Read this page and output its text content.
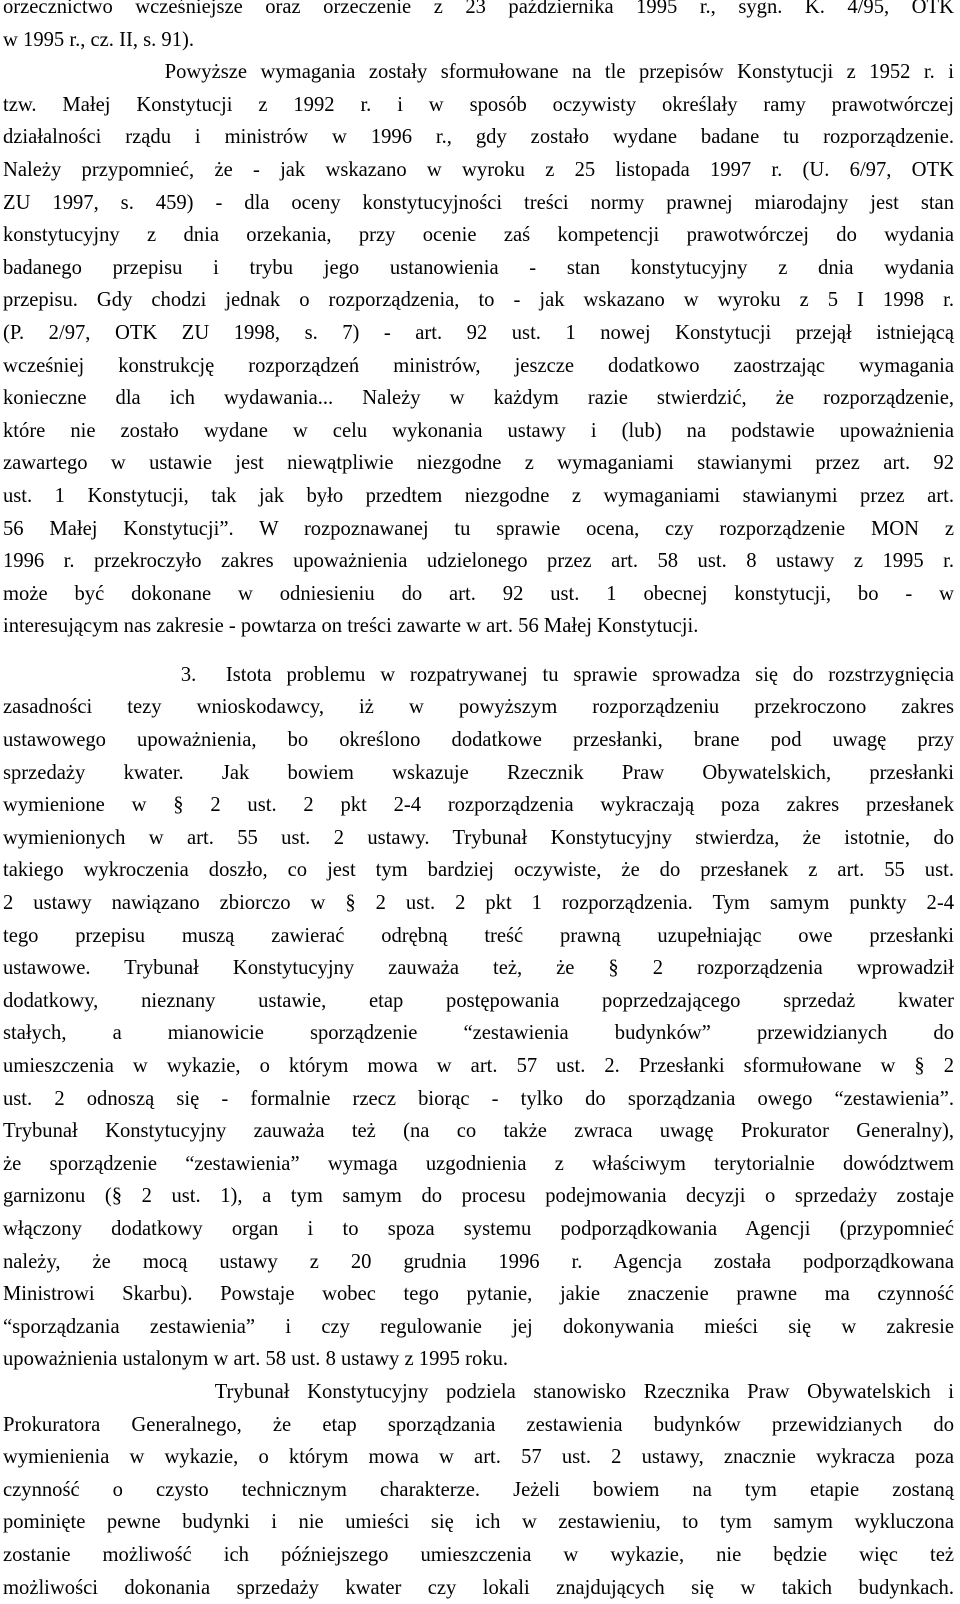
orzecznictwo wcześniejsze oraz orzeczenie z 23 października 1995 r., sygn. K. 4/95, OTK
w 1995 r., cz. II, s. 91).
Powyższe wymagania zostały sformułowane na tle przepisów Konstytucji z 1952 r. i
tzw. Małej Konstytucji z 1992 r. i w sposób oczywisty określały ramy prawotwórczej
działalności rządu i ministrów w 1996 r., gdy zostało wydane badane tu rozporządzenie.
Należy przypomnieć, że - jak wskazano w wyroku z 25 listopada 1997 r. (U. 6/97, OTK
ZU 1997, s. 459) - dla oceny konstytucyjności treści normy prawnej miarodajny jest stan
konstytucyjny z dnia orzekania, przy ocenie zaś kompetencji prawotwórczej do wydania
badanego przepisu i trybu jego ustanowienia - stan konstytucyjny z dnia wydania
przepisu. Gdy chodzi jednak o rozporządzenia, to - jak wskazano w wyroku z 5 I 1998 r.
(P. 2/97, OTK ZU 1998, s. 7) - art. 92 ust. 1 nowej Konstytucji przejął istniejącą
wcześniej konstrukcję rozporządzeń ministrów, jeszcze dodatkowo zaostrzając wymagania
konieczne dla ich wydawania... Należy w każdym razie stwierdzić, że rozporządzenie,
które nie zostało wydane w celu wykonania ustawy i (lub) na podstawie upoważnienia
zawartego w ustawie jest niewątpliwie niezgodne z wymaganiami stawianymi przez art. 92
ust. 1 Konstytucji, tak jak było przedtem niezgodne z wymaganiami stawianymi przez art.
56 Małej Konstytucji”. W rozpoznawanej tu sprawie ocena, czy rozporządzenie MON z
1996 r. przekroczyło zakres upoważnienia udzielonego przez art. 58 ust. 8 ustawy z 1995 r.
może być dokonane w odniesieniu do art. 92 ust. 1 obecnej konstytucji, bo - w
interesującym nas zakresie - powtarza on treści zawarte w art. 56 Małej Konstytucji.
3.  Istota problemu w rozpatrywanej tu sprawie sprowadza się do rozstrzygnięcia
zasadności tezy wnioskodawcy, iż w powyższym rozporządzeniu przekroczono zakres
ustawowego upoważnienia, bo określono dodatkowe przesłanki, brane pod uwagę przy
sprzedaży kwater. Jak bowiem wskazuje Rzecznik Praw Obywatelskich, przesłanki
wymienione w § 2 ust. 2 pkt 2-4 rozporządzenia wykraczają poza zakres przesłanek
wymienionych w art. 55 ust. 2 ustawy. Trybunał Konstytucyjny stwierdza, że istotnie, do
takiego wykroczenia doszło, co jest tym bardziej oczywiste, że do przesłanek z art. 55 ust.
2 ustawy nawiązano zbiorczo w § 2 ust. 2 pkt 1 rozporządzenia. Tym samym punkty 2-4
tego przepisu muszą zawierać odrębną treść prawną uzupełniając owe przesłanki
ustawowe. Trybunał Konstytucyjny zauważa też, że § 2 rozporządzenia wprowadził
dodatkowy, nieznany ustawie, etap postępowania poprzedzającego sprzedaż kwater
stałych, a mianowicie sporządzenie “zestawienia budynków” przewidzianych do
umieszczenia w wykazie, o którym mowa w art. 57 ust. 2. Przesłanki sformułowane w § 2
ust. 2 odnoszą się - formalnie rzecz biorąc - tylko do sporządzania owego “zestawienia”.
Trybunał Konstytucyjny zauważa też (na co także zwraca uwagę Prokurator Generalny),
że sporządzenie “zestawienia” wymaga uzgodnienia z właściwym terytorialnie dowództwem
garnizonu (§ 2 ust. 1), a tym samym do procesu podejmowania decyzji o sprzedaży zostaje
włączony dodatkowy organ i to spoza systemu podporządkowania Agencji (przypomnieć
należy, że mocą ustawy z 20 grudnia 1996 r. Agencja została podporządkowana
Ministrowi Skarbu). Powstaje wobec tego pytanie, jakie znaczenie prawne ma czynność
“sporządzania zestawienia” i czy regulowanie jej dokonywania mieści się w zakresie
upoważnienia ustalonym w art. 58 ust. 8 ustawy z 1995 roku.
Trybunał Konstytucyjny podziela stanowisko Rzecznika Praw Obywatelskich i
Prokuratora Generalnego, że etap sporządzania zestawienia budynków przewidzianych do
wymienienia w wykazie, o którym mowa w art. 57 ust. 2 ustawy, znacznie wykracza poza
czynność o czysto technicznym charakterze. Jeżeli bowiem na tym etapie zostaną
pominięte pewne budynki i nie umieści się ich w zestawieniu, to tym samym wykluczona
zostanie możliwość ich późniejszego umieszczenia w wykazie, nie będzie więc też
możliwości dokonania sprzedaży kwater czy lokali znajdujących się w takich budynkach.
